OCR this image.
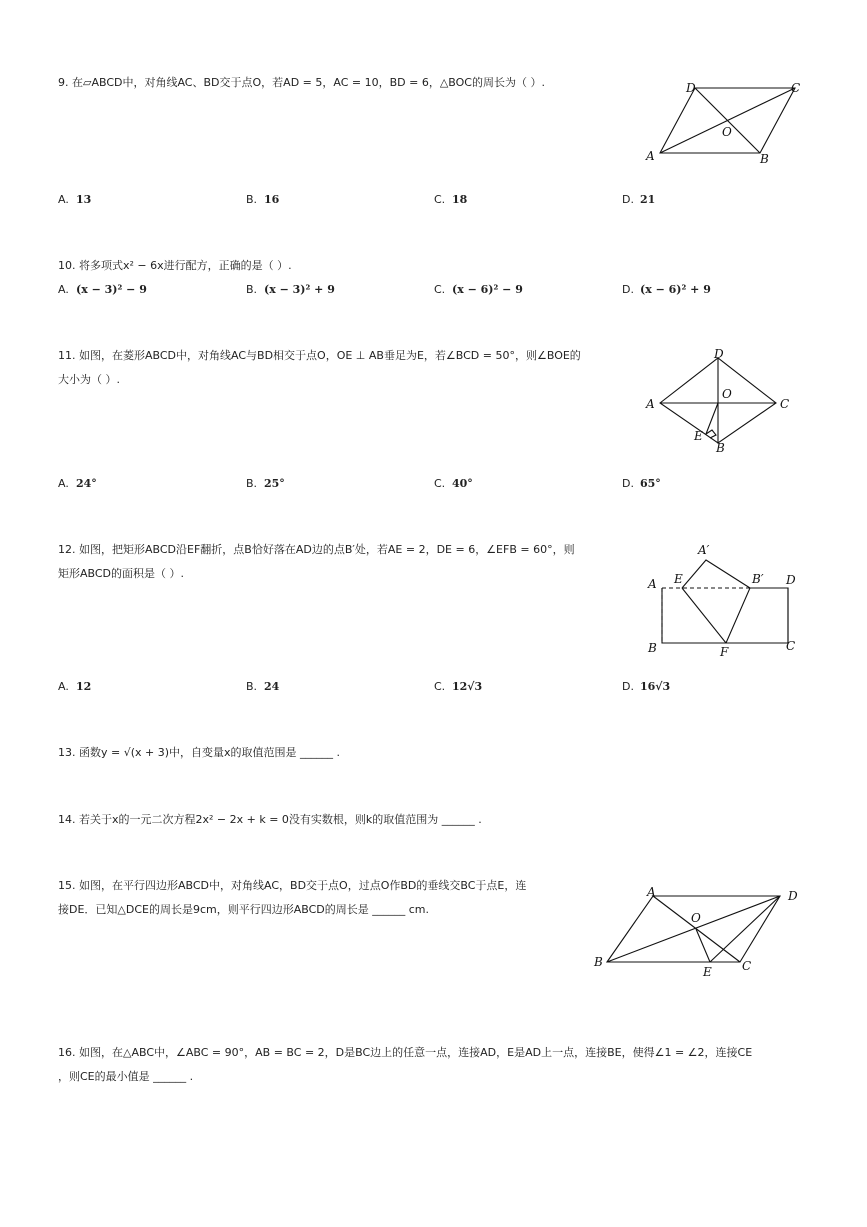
9. 在▱ABCD中，对角线AC、BD交于点O，若AD = 5，AC = 10，BD = 6，△BOC的周长为（ ）.
A
D	C
B
O
A. 13	B. 16	C. 18	D. 21
10. 将多项式x² − 6x进行配方，正确的是（ ）.
A. (x − 3)² − 9	B. (x − 3)² + 9	C. (x − 6)² − 9	D. (x − 6)² + 9
11. 如图，在菱形ABCD中，对角线AC与BD相交于点O，OE ⊥ AB垂足为E，若∠BCD = 50°，则∠BOE的
大小为（ ）.
A
D
C
B
O
E
A. 24°	B. 25°	C. 40°	D. 65°
12. 如图，把矩形ABCD沿EF翻折，点B恰好落在AD边的点B′处，若AE = 2，DE = 6，∠EFB = 60°，则
矩形ABCD的面积是（ ）.
A
A′
E	B′ D
B	F	C
A. 12	B. 24	C. 12√3	D. 16√3
13. 函数y = √(x + 3)中，自变量x的取值范围是 ______ .
14. 若关于x的一元二次方程2x² − 2x + k = 0没有实数根，则k的取值范围为 ______ .
15. 如图，在平行四边形ABCD中，对角线AC，BD交于点O，过点O作BD的垂线交BC于点E，连
接DE．已知△DCE的周长是9cm，则平行四边形ABCD的周长是 ______ cm.
B
A	D
C
O
E
16. 如图，在△ABC中，∠ABC = 90°，AB = BC = 2，D是BC边上的任意一点，连接AD，E是AD上一点，连接BE，使得∠1 = ∠2，连接CE
，则CE的最小值是 ______ .
